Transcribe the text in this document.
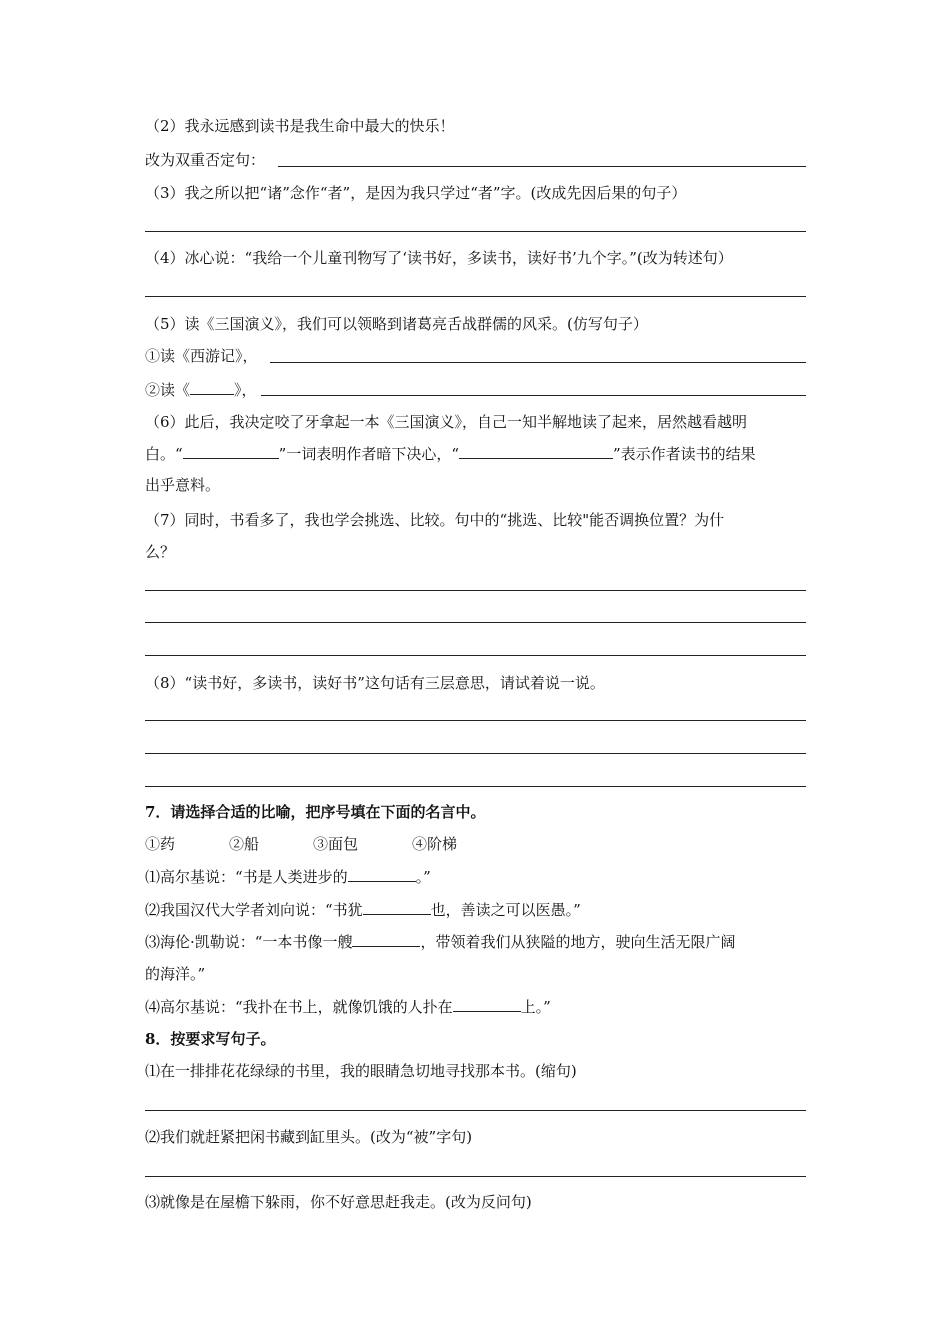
（2）我永远感到读书是我生命中最大的快乐！
改为双重否定句：
（3）我之所以把“诸”念作“者”，是因为我只学过“者”字。(改成先因后果的句子）
（4）冰心说：“我给一个儿童刊物写了‘读书好，多读书，读好书’九个字。”(改为转述句）
（5）读《三国演义》，我们可以领略到诸葛亮舌战群儒的风采。(仿写句子）
①读《西游记》，
②读《	》，
（6）此后，我决定咬了牙拿起一本《三国演义》，自己一知半解地读了起来，居然越看越明
白。“	”一词表明作者暗下决心，“	”表示作者读书的结果
出乎意料。
（7）同时，书看多了，我也学会挑选、比较。句中的“挑选、比较"能否调换位置？为什
么？
（8）“读书好，多读书，读好书”这句话有三层意思，请试着说一说。
7．请选择合适的比喻，把序号填在下面的名言中。
①药	②船	③面包	④阶梯
⑴高尔基说：“书是人类进步的	。”
⑵我国汉代大学者刘向说：“书犹	也，善读之可以医愚。”
⑶海伦·凯勒说：“一本书像一艘	，带领着我们从狭隘的地方，驶向生活无限广阔
的海洋。”
⑷高尔基说：“我扑在书上，就像饥饿的人扑在	上。”
8．按要求写句子。
⑴在一排排花花绿绿的书里，我的眼睛急切地寻找那本书。(缩句)
⑵我们就赶紧把闲书藏到缸里头。(改为“被”字句)
⑶就像是在屋檐下躲雨，你不好意思赶我走。(改为反问句)
